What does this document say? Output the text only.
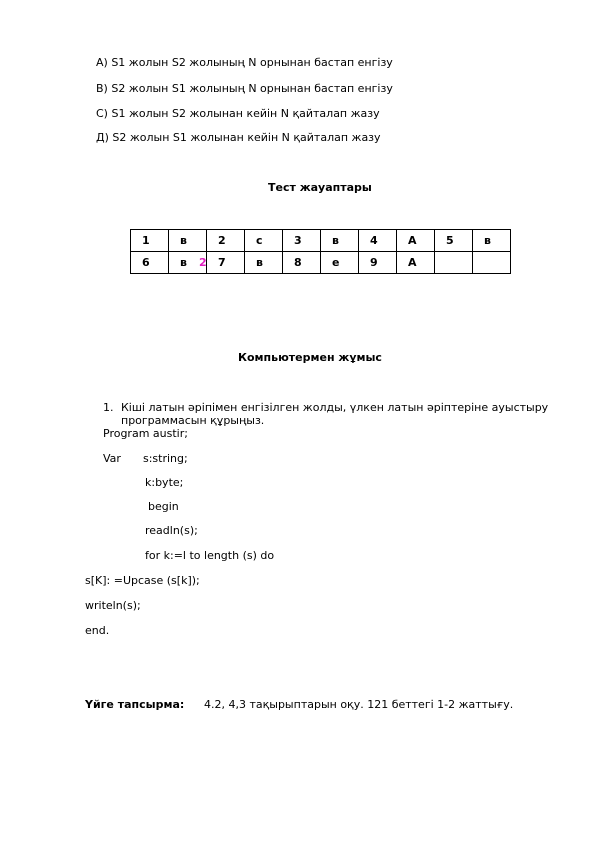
А) S1 жолын S2 жолының N орнынан бастап енгізу
В) S2 жолын S1 жолының N орнынан бастап енгізу
С) S1 жолын S2 жолынан кейін N қайталап жазу
Д) S2 жолын S1 жолынан кейін N қайталап жазу
Тест жауаптары
1	в	2	с	3	в	4	А	5	в
6	в 2	7	в	8	е	9	А		
Компьютермен жұмыс
1. Кіші латын әріпімен енгізілген жолды, үлкен латын әріптеріне ауыстыру
программасын құрыңыз.
Program austir;
Var s:string;
k:byte;
begin
readln(s);
for k:=l to length (s) do
s[K]: =Upcase (s[k]);
writeln(s);
end.
Үйге тапсырма: 4.2, 4,3 тақырыптарын оқу. 121 беттегі 1-2 жаттығу.
